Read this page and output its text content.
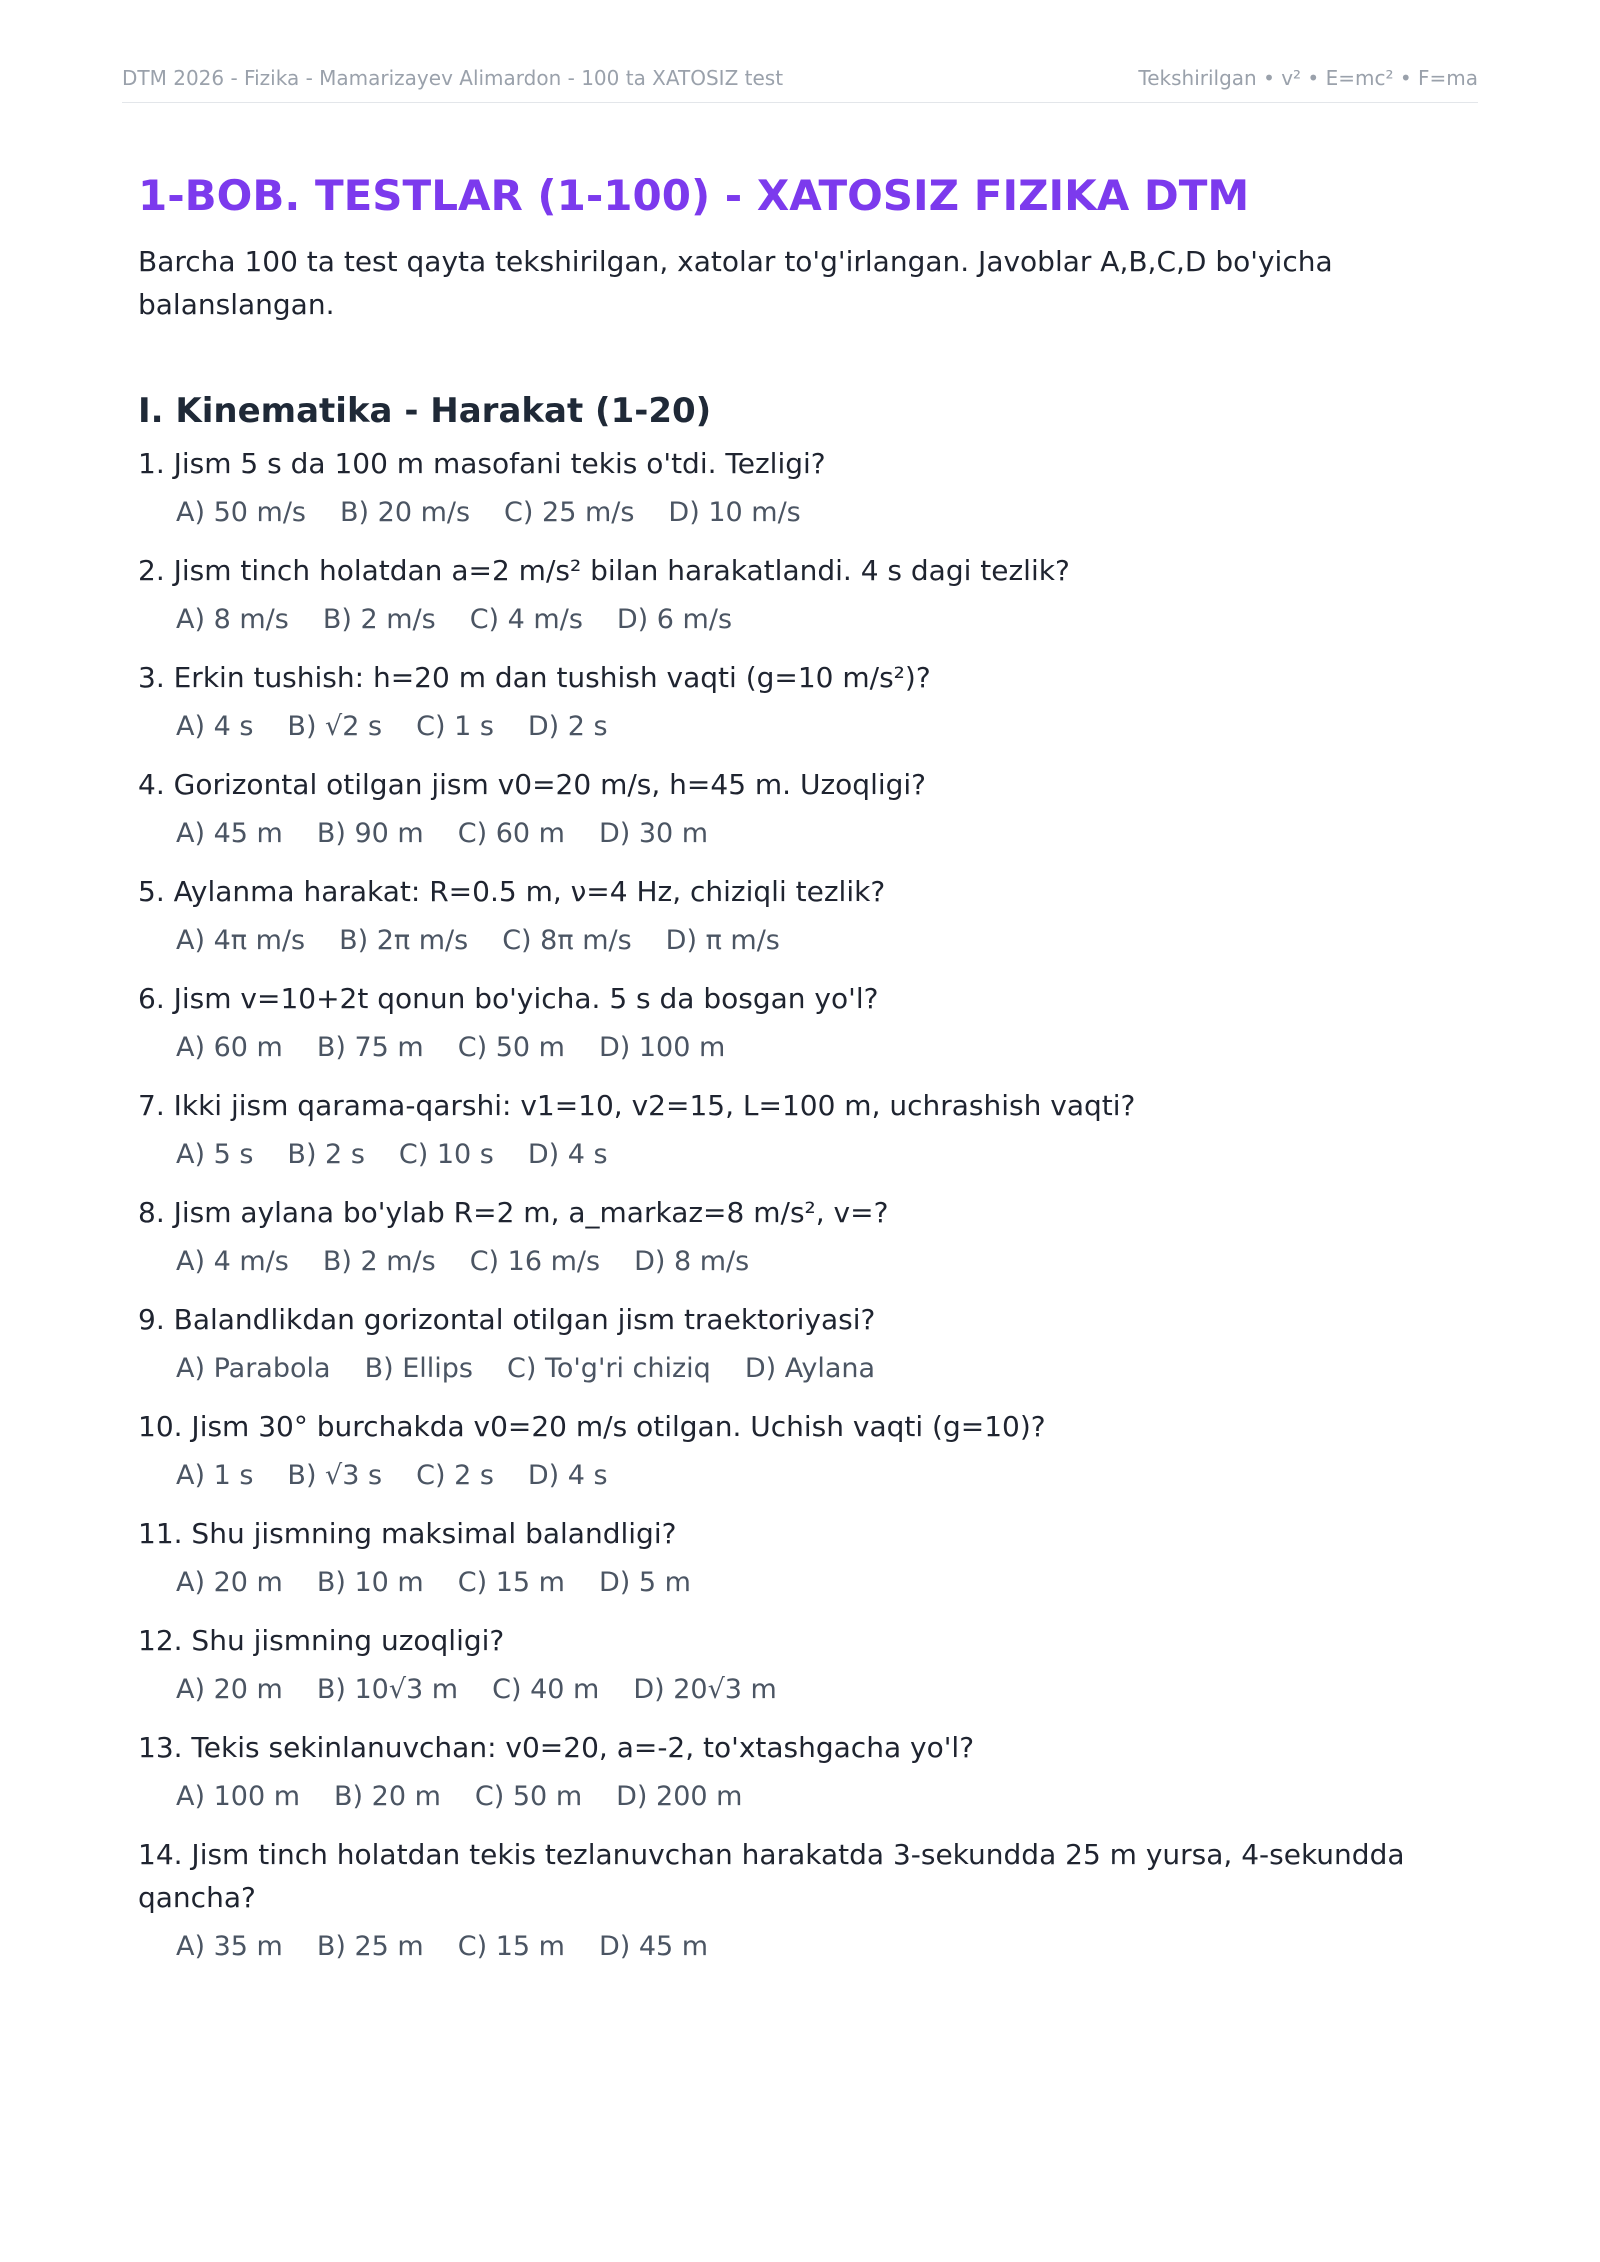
DTM 2026 - Fizika - Mamarizayev Alimardon - 100 ta XATOSIZ test	Tekshirilgan • v² • E=mc² • F=ma
1-BOB. TESTLAR (1-100) - XATOSIZ FIZIKA DTM

Barcha 100 ta test qayta tekshirilgan, xatolar to'g'irlangan. Javoblar A,B,C,D bo'yicha balanslangan.

I. Kinematika - Harakat (1-20)
1. Jism 5 s da 100 m masofani tekis o'tdi. Tezligi?
A) 50 m/s B) 20 m/s C) 25 m/s D) 10 m/s
2. Jism tinch holatdan a=2 m/s² bilan harakatlandi. 4 s dagi tezlik?
A) 8 m/s B) 2 m/s C) 4 m/s D) 6 m/s
3. Erkin tushish: h=20 m dan tushish vaqti (g=10 m/s²)?
A) 4 s B) √2 s C) 1 s D) 2 s
4. Gorizontal otilgan jism v0=20 m/s, h=45 m. Uzoqligi?
A) 45 m B) 90 m C) 60 m D) 30 m
5. Aylanma harakat: R=0.5 m, ν=4 Hz, chiziqli tezlik?
A) 4π m/s B) 2π m/s C) 8π m/s D) π m/s
6. Jism v=10+2t qonun bo'yicha. 5 s da bosgan yo'l?
A) 60 m B) 75 m C) 50 m D) 100 m
7. Ikki jism qarama-qarshi: v1=10, v2=15, L=100 m, uchrashish vaqti?
A) 5 s B) 2 s C) 10 s D) 4 s
8. Jism aylana bo'ylab R=2 m, a_markaz=8 m/s², v=?
A) 4 m/s B) 2 m/s C) 16 m/s D) 8 m/s
9. Balandlikdan gorizontal otilgan jism traektoriyasi?
A) Parabola B) Ellips C) To'g'ri chiziq D) Aylana
10. Jism 30° burchakda v0=20 m/s otilgan. Uchish vaqti (g=10)?
A) 1 s B) √3 s C) 2 s D) 4 s
11. Shu jismning maksimal balandligi?
A) 20 m B) 10 m C) 15 m D) 5 m
12. Shu jismning uzoqligi?
A) 20 m B) 10√3 m C) 40 m D) 20√3 m
13. Tekis sekinlanuvchan: v0=20, a=-2, to'xtashgacha yo'l?
A) 100 m B) 20 m C) 50 m D) 200 m
14. Jism tinch holatdan tekis tezlanuvchan harakatda 3-sekundda 25 m yursa, 4-sekundda qancha?
A) 35 m B) 25 m C) 15 m D) 45 m
